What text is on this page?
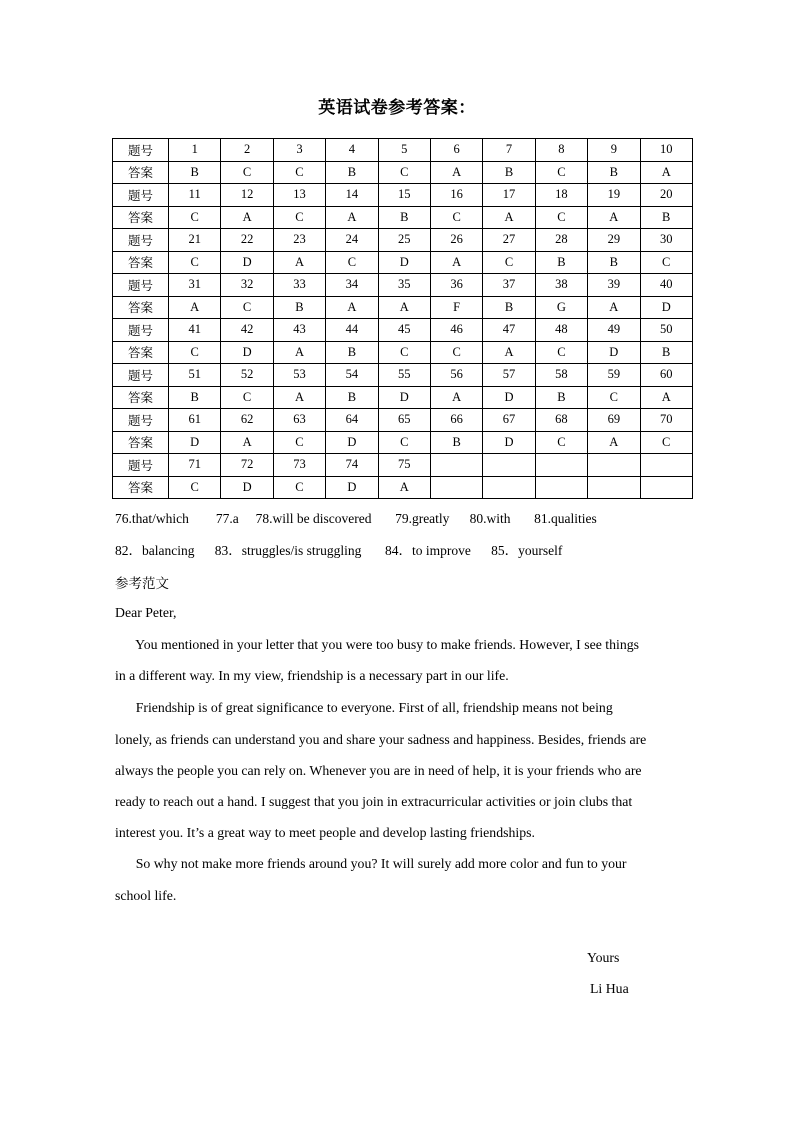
英语试卷参考答案：
题号	1	2	3	4	5	6	7	8	9	10
答案	B	C	C	B	C	A	B	C	B	A
题号	11	12	13	14	15	16	17	18	19	20
答案	C	A	C	A	B	C	A	C	A	B
题号	21	22	23	24	25	26	27	28	29	30
答案	C	D	A	C	D	A	C	B	B	C
题号	31	32	33	34	35	36	37	38	39	40
答案	A	C	B	A	A	F	B	G	A	D
题号	41	42	43	44	45	46	47	48	49	50
答案	C	D	A	B	C	C	A	C	D	B
题号	51	52	53	54	55	56	57	58	59	60
答案	B	C	A	B	D	A	D	B	C	A
题号	61	62	63	64	65	66	67	68	69	70
答案	D	A	C	D	C	B	D	C	A	C
题号	71	72	73	74	75					
答案	C	D	C	D	A					
76.that/which        77.a     78.will be discovered       79.greatly      80.with       81.qualities
82．balancing      83．struggles/is struggling       84．to improve      85．yourself
参考范文
Dear Peter,
You mentioned in your letter that you were too busy to make friends. However, I see things
in a different way. In my view, friendship is a necessary part in our life.
Friendship is of great significance to everyone. First of all, friendship means not being
lonely, as friends can understand you and share your sadness and happiness. Besides, friends are
always the people you can rely on. Whenever you are in need of help, it is your friends who are
ready to reach out a hand. I suggest that you join in extracurricular activities or join clubs that
interest you. It’s a great way to meet people and develop lasting friendships.
So why not make more friends around you? It will surely add more color and fun to your
school life.
Yours
Li Hua
